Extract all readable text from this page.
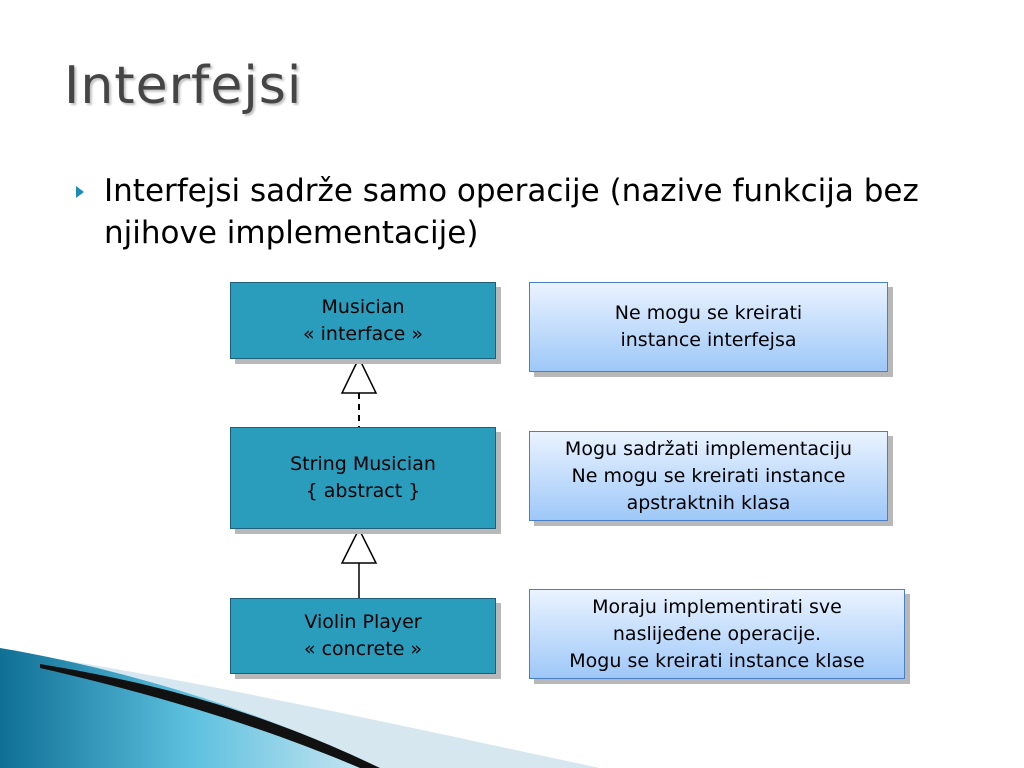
Interfejsi
Interfejsi sadrže samo operacije (nazive funkcija bez njihove implementacije)
Musician
« interface »
String Musician
{ abstract }
Violin Player
« concrete »
Ne mogu se kreirati
instance interfejsa
Mogu sadržati implementaciju
Ne mogu se kreirati instance
apstraktnih klasa
Moraju implementirati sve
naslijeđene operacije.
Mogu se kreirati instance klase
